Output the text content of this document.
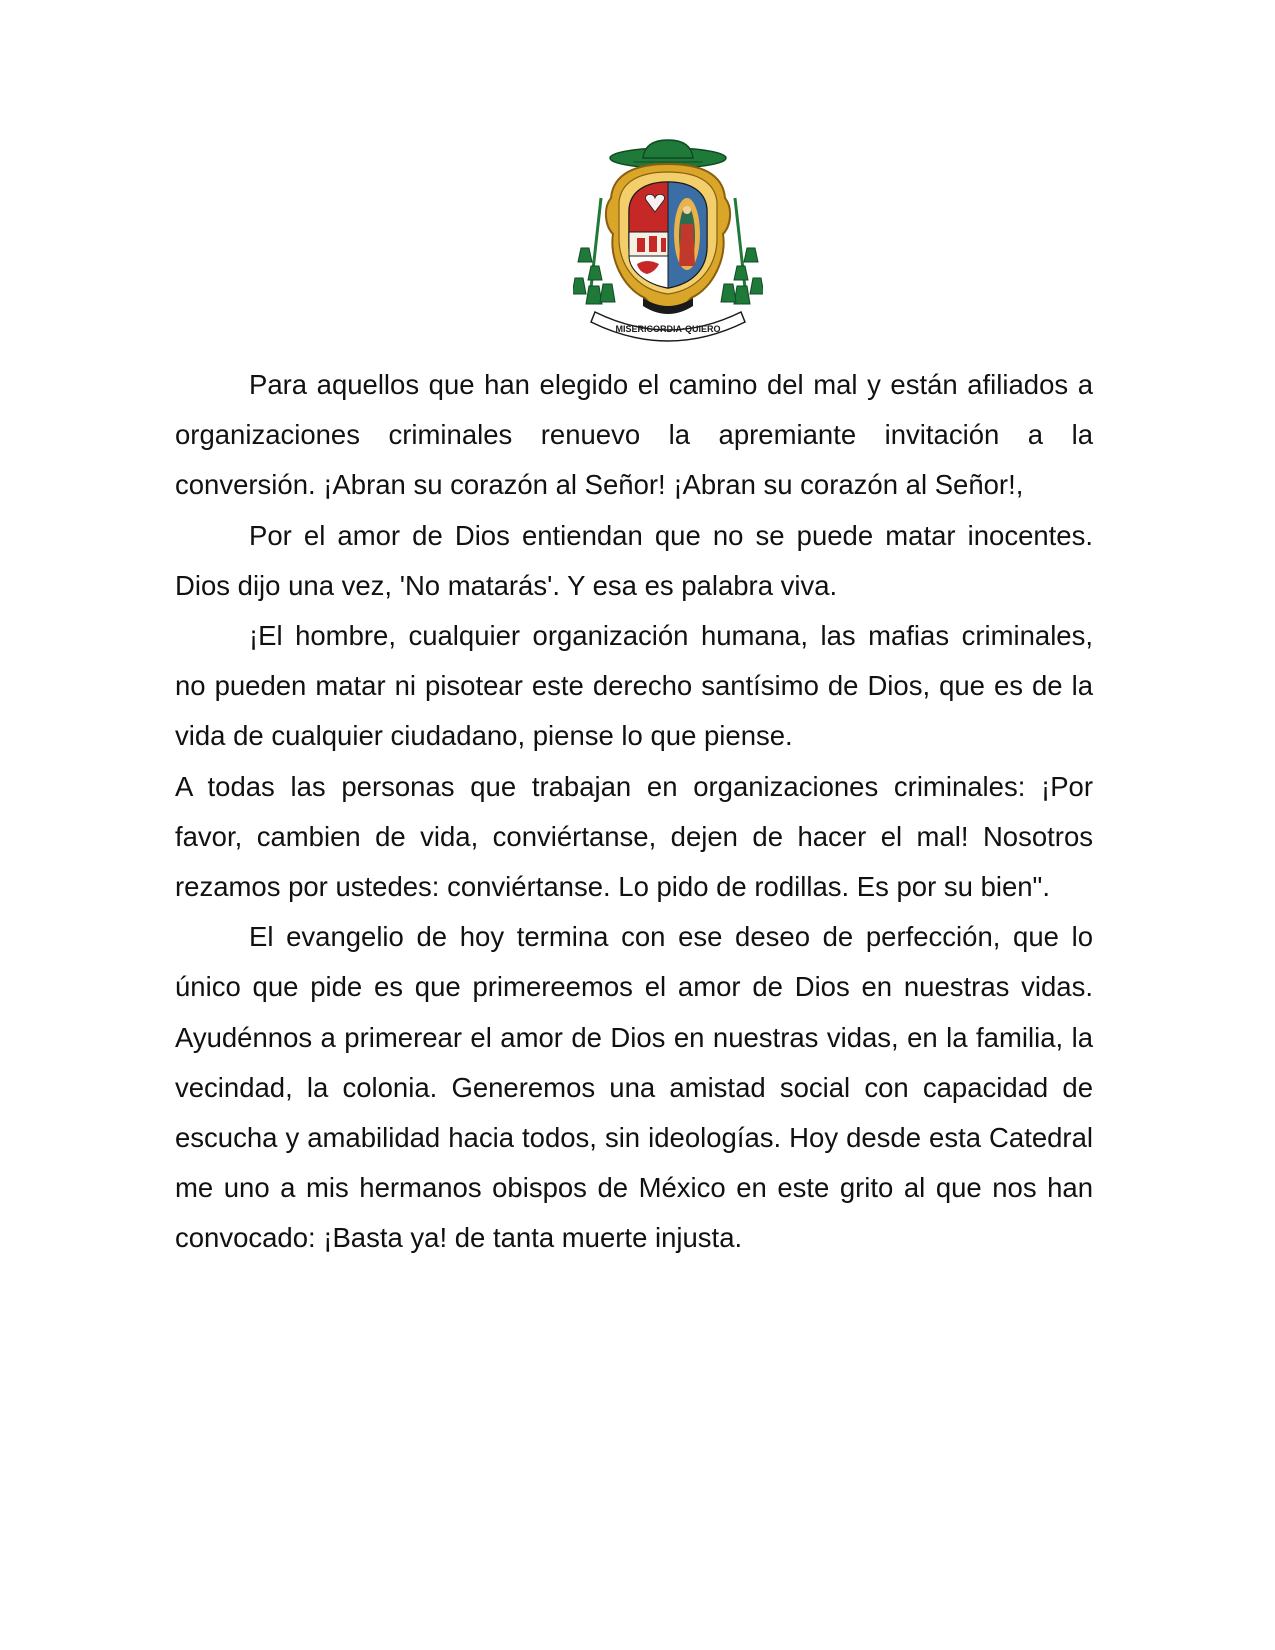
MISERICORDIA·QUIERO

Para aquellos que han elegido el camino del mal y están afiliados a organizaciones criminales renuevo la apremiante invitación a la conversión. ¡Abran su corazón al Señor! ¡Abran su corazón al Señor!,

Por el amor de Dios entiendan que no se puede matar inocentes. Dios dijo una vez, 'No matarás'. Y esa es palabra viva.

¡El hombre, cualquier organización humana, las mafias criminales, no pueden matar ni pisotear este derecho santísimo de Dios, que es de la vida de cualquier ciudadano, piense lo que piense.

A todas las personas que trabajan en organizaciones criminales: ¡Por favor, cambien de vida, conviértanse, dejen de hacer el mal! Nosotros rezamos por ustedes: conviértanse. Lo pido de rodillas. Es por su bien".

El evangelio de hoy termina con ese deseo de perfección, que lo único que pide es que primereemos el amor de Dios en nuestras vidas. Ayudénnos a primerear el amor de Dios en nuestras vidas, en la familia, la vecindad, la colonia. Generemos una amistad social con capacidad de escucha y amabilidad hacia todos, sin ideologías. Hoy desde esta Catedral me uno a mis hermanos obispos de México en este grito al que nos han convocado: ¡Basta ya! de tanta muerte injusta.
